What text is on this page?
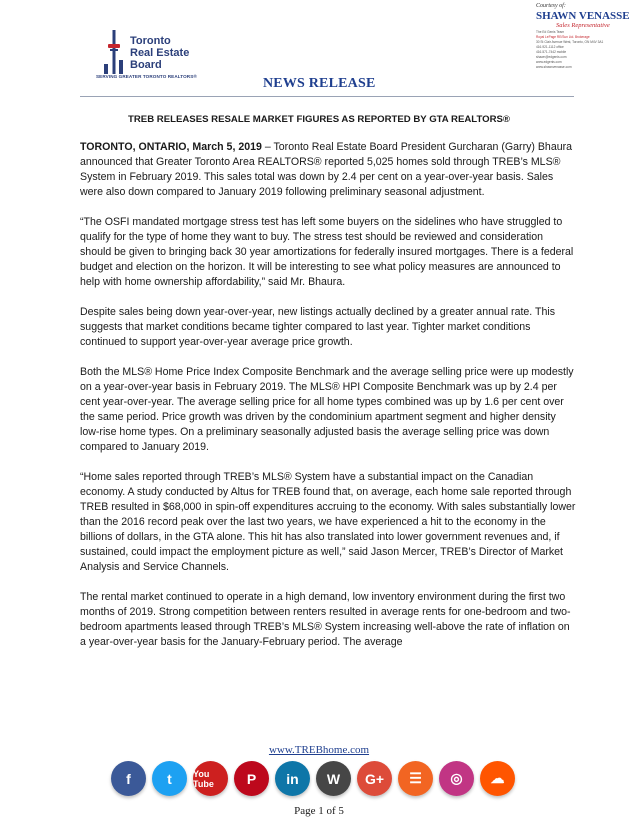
Toronto
Real Estate
Board
SERVING GREATER TORONTO REALTORS®
Courtesy of:
SHAWN VENASSE
Sales Representative
The Ed Genis Team
Royal LePage RE/Sun Ltd. Brokerage
30 St Clair Avenue West, Toronto, ON M4V 3A1
416-921-1112 office
416-571-7442 mobile
shawn@edgenis.com
www.edgenis.com
www.shawnvenasse.com
NEWS RELEASE
TREB RELEASES RESALE MARKET FIGURES AS REPORTED BY GTA REALTORS®

TORONTO, ONTARIO, March 5, 2019 – Toronto Real Estate Board President Gurcharan (Garry) Bhaura announced that Greater Toronto Area REALTORS® reported 5,025 homes sold through TREB’s MLS® System in February 2019. This sales total was down by 2.4 per cent on a year-over-year basis. Sales were also down compared to January 2019 following preliminary seasonal adjustment.

“The OSFI mandated mortgage stress test has left some buyers on the sidelines who have struggled to qualify for the type of home they want to buy. The stress test should be reviewed and consideration should be given to bringing back 30 year amortizations for federally insured mortgages. There is a federal budget and election on the horizon. It will be interesting to see what policy measures are announced to help with home ownership affordability,” said Mr. Bhaura.

Despite sales being down year-over-year, new listings actually declined by a greater annual rate. This suggests that market conditions became tighter compared to last year. Tighter market conditions continued to support year-over-year average price growth.

Both the MLS® Home Price Index Composite Benchmark and the average selling price were up modestly on a year-over-year basis in February 2019. The MLS® HPI Composite Benchmark was up by 2.4 per cent year-over-year. The average selling price for all home types combined was up by 1.6 per cent over the same period. Price growth was driven by the condominium apartment segment and higher density low-rise home types. On a preliminary seasonally adjusted basis the average selling price was down compared to January 2019.

“Home sales reported through TREB’s MLS® System have a substantial impact on the Canadian economy. A study conducted by Altus for TREB found that, on average, each home sale reported through TREB resulted in $68,000 in spin-off expenditures accruing to the economy. With sales substantially lower than the 2016 record peak over the last two years, we have experienced a hit to the economy in the billions of dollars, in the GTA alone. This hit has also translated into lower government revenues and, if sustained, could impact the employment picture as well,” said Jason Mercer, TREB’s Director of Market Analysis and Service Channels.

The rental market continued to operate in a high demand, low inventory environment during the first two months of 2019. Strong competition between renters resulted in average rents for one-bedroom and two-bedroom apartments leased through TREB’s MLS® System increasing well-above the rate of inflation on a year-over-year basis for the January-February period. The average

www.TREBhome.com
f	t	You Tube	P	in	W	G+	☰	◎	☁
Page 1 of 5
